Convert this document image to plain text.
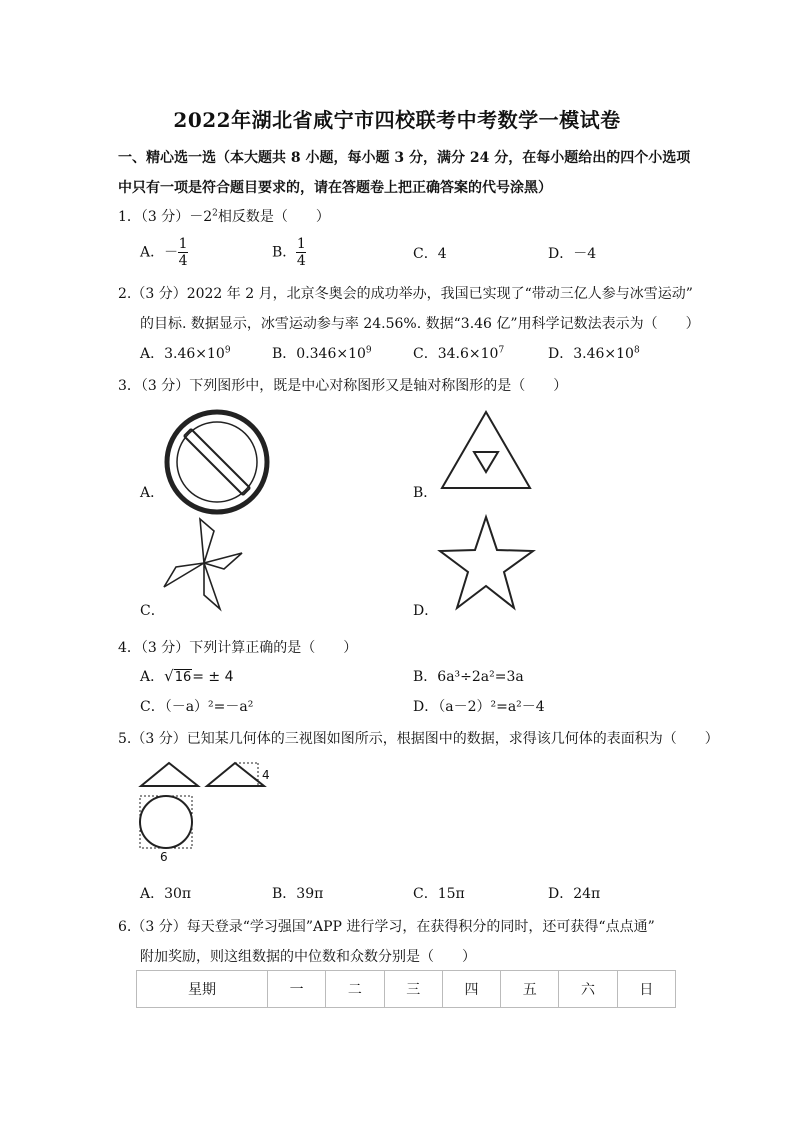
2022年湖北省咸宁市四校联考中考数学一模试卷
一、精心选一选（本大题共 8 小题，每小题 3 分，满分 24 分，在每小题给出的四个小选项
中只有一项是符合题目要求的，请在答题卷上把正确答案的代号涂黑）
1．（3 分）$-2^2$相反数是（　　）
A．－ $\frac{1}{4}$	B． $\frac{1}{4}$	C．4	D．－4
2.（3 分）2022 年 2 月，北京冬奥会的成功举办，我国已实现了“带动三亿人参与冰雪运动”
的目标. 数据显示，冰雪运动参与率 24.56%. 数据“3.46 亿”用科学记数法表示为（　　）
A．$3.46\times 10^9$	B．$0.346\times 10^9$	C．$34.6\times 10^7$	D．$3.46\times 10^8$
3．（3 分）下列图形中，既是中心对称图形又是轴对称图形的是（　　）
A．	B．
C．	D．
4．（3 分）下列计算正确的是（　　）
A．√16= ± 4	B．6a³÷2a²=3a
C．（－a）²=－a²	D．（a－2）²=a²－4
5.（3 分）已知某几何体的三视图如图所示，根据图中的数据，求得该几何体的表面积为（　　）
4
6
A．30π	B．39π	C．15π	D．24π
6.（3 分）每天登录“学习强国”APP 进行学习，在获得积分的同时，还可获得“点点通”
附加奖励，则这组数据的中位数和众数分别是（　　）
星期	一	二	三	四	五	六	日
